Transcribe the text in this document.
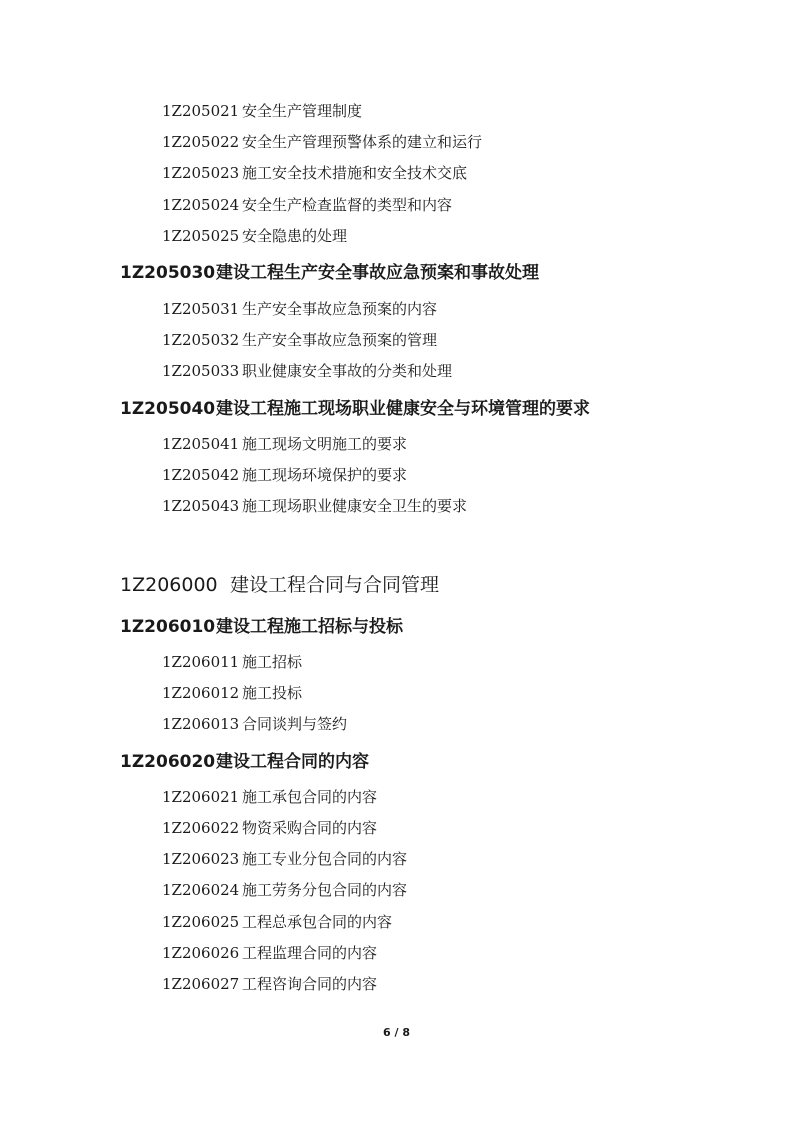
1Z205021 安全生产管理制度
1Z205022 安全生产管理预警体系的建立和运行
1Z205023 施工安全技术措施和安全技术交底
1Z205024 安全生产检查监督的类型和内容
1Z205025 安全隐患的处理
1Z205030建设工程生产安全事故应急预案和事故处理
1Z205031 生产安全事故应急预案的内容
1Z205032 生产安全事故应急预案的管理
1Z205033 职业健康安全事故的分类和处理
1Z205040建设工程施工现场职业健康安全与环境管理的要求
1Z205041 施工现场文明施工的要求
1Z205042 施工现场环境保护的要求
1Z205043 施工现场职业健康安全卫生的要求
1Z206000 建设工程合同与合同管理
1Z206010建设工程施工招标与投标
1Z206011 施工招标
1Z206012 施工投标
1Z206013 合同谈判与签约
1Z206020建设工程合同的内容
1Z206021 施工承包合同的内容
1Z206022 物资采购合同的内容
1Z206023 施工专业分包合同的内容
1Z206024 施工劳务分包合同的内容
1Z206025 工程总承包合同的内容
1Z206026 工程监理合同的内容
1Z206027 工程咨询合同的内容
6 / 8
